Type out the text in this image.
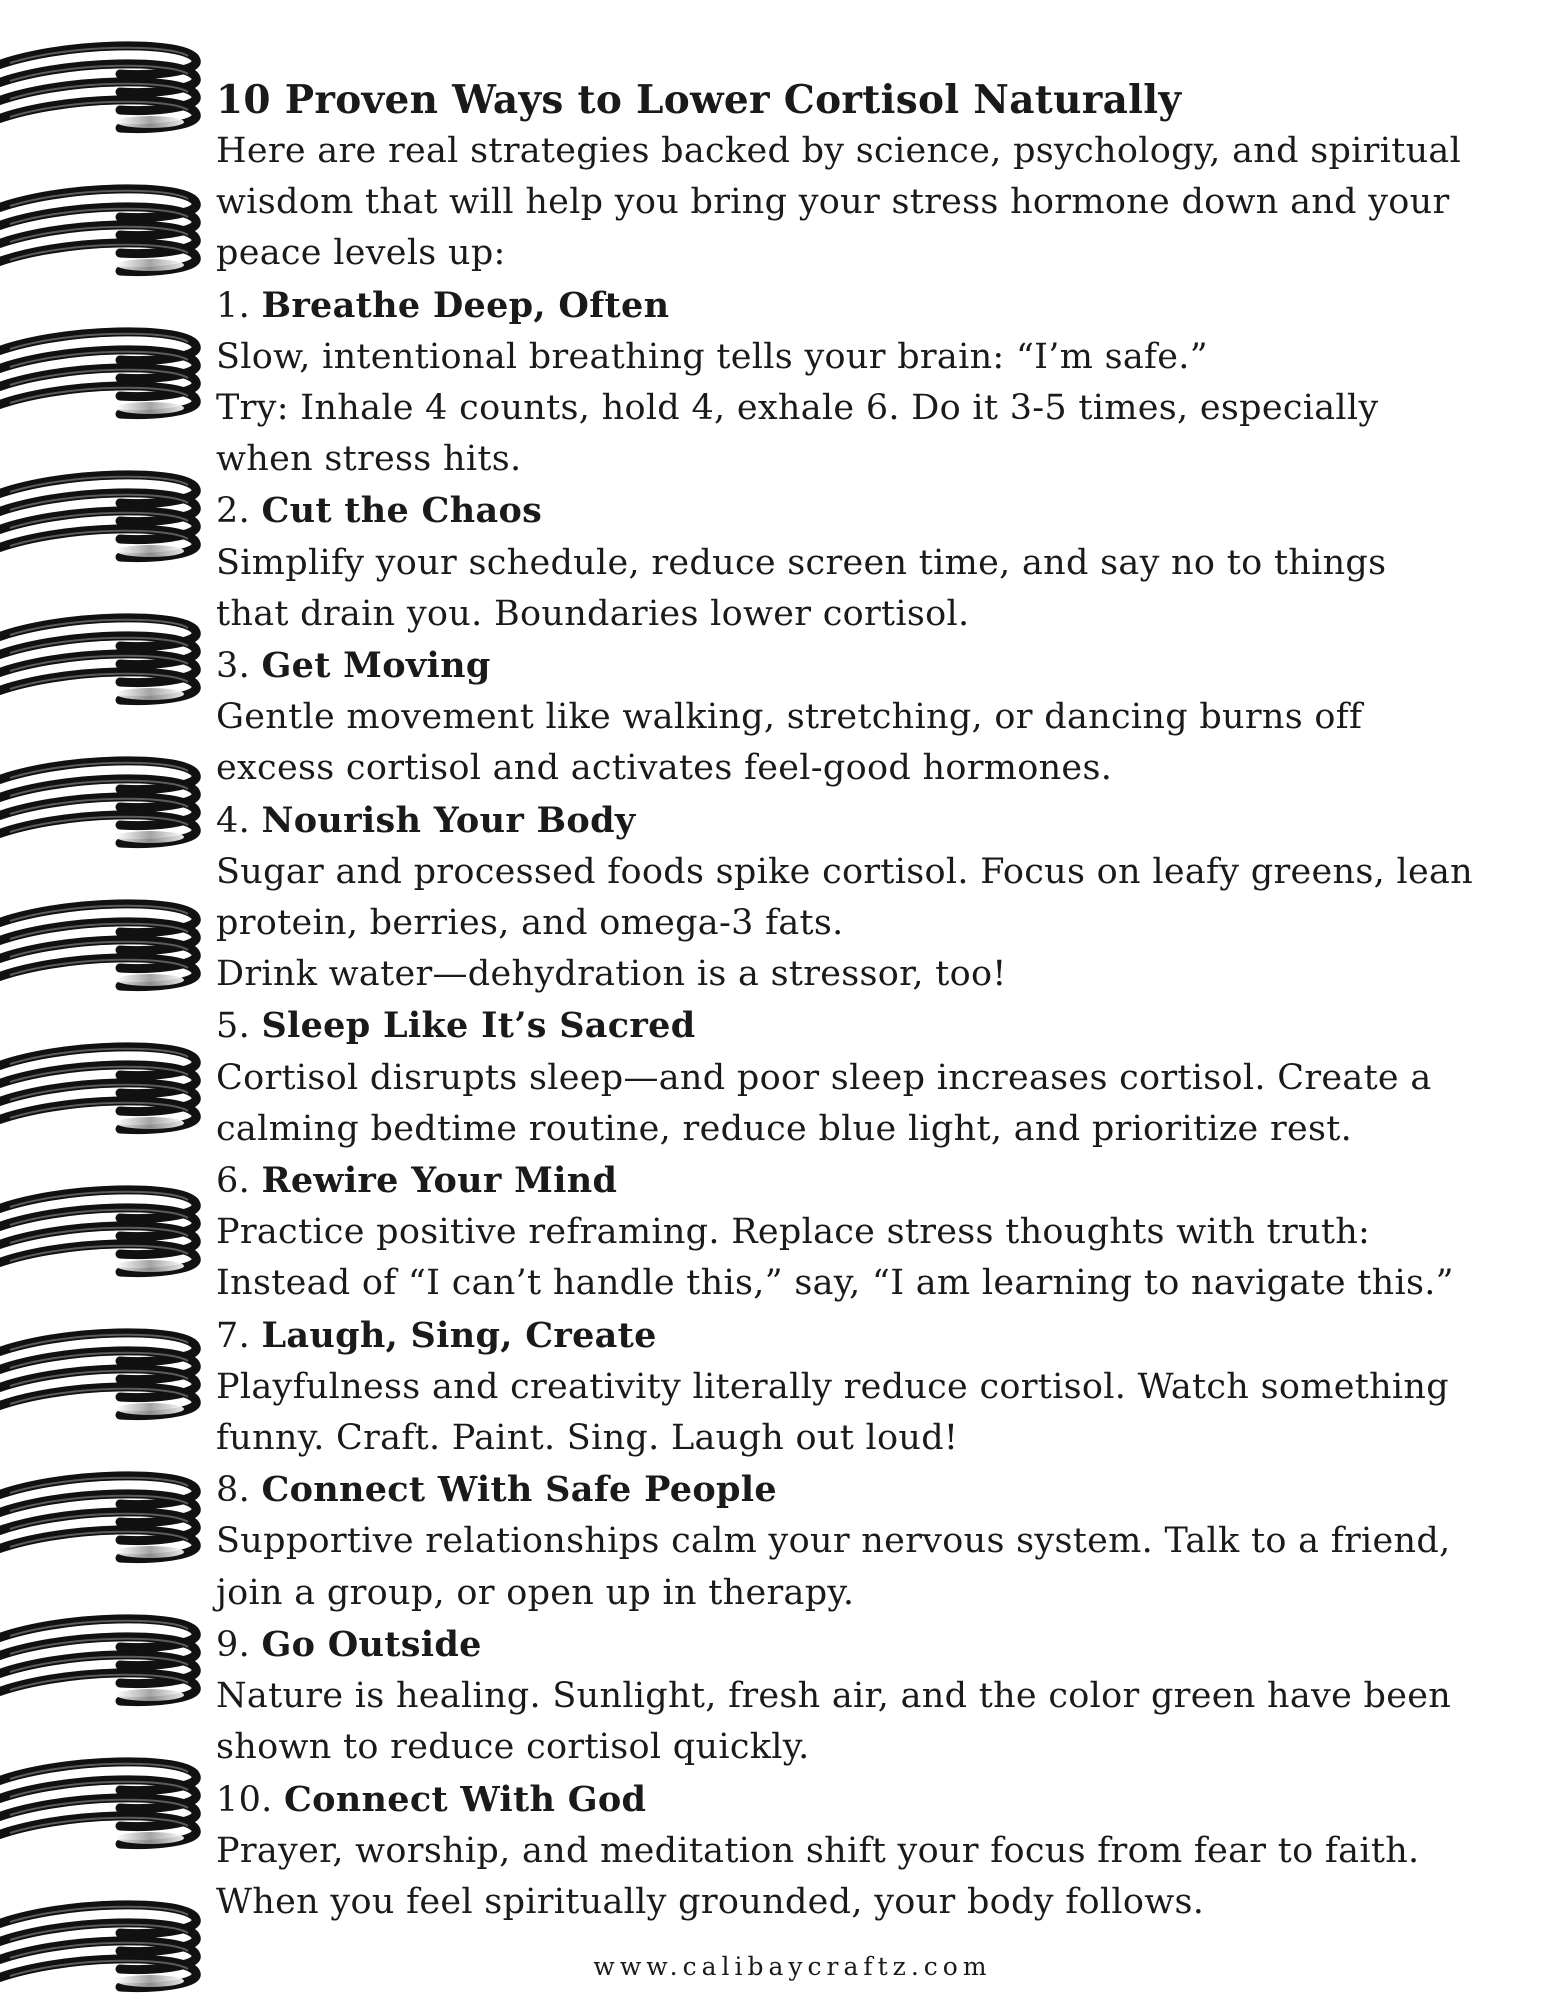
10 Proven Ways to Lower Cortisol Naturally

Here are real strategies backed by science, psychology, and spiritual

wisdom that will help you bring your stress hormone down and your

peace levels up:

1. Breathe Deep, Often

Slow, intentional breathing tells your brain: “I’m safe.”

Try: Inhale 4 counts, hold 4, exhale 6. Do it 3-5 times, especially

when stress hits.

2. Cut the Chaos

Simplify your schedule, reduce screen time, and say no to things

that drain you. Boundaries lower cortisol.

3. Get Moving

Gentle movement like walking, stretching, or dancing burns off

excess cortisol and activates feel-good hormones.

4. Nourish Your Body

Sugar and processed foods spike cortisol. Focus on leafy greens, lean

protein, berries, and omega-3 fats.

Drink water—dehydration is a stressor, too!

5. Sleep Like It’s Sacred

Cortisol disrupts sleep—and poor sleep increases cortisol. Create a

calming bedtime routine, reduce blue light, and prioritize rest.

6. Rewire Your Mind

Practice positive reframing. Replace stress thoughts with truth:

Instead of “I can’t handle this,” say, “I am learning to navigate this.”

7. Laugh, Sing, Create

Playfulness and creativity literally reduce cortisol. Watch something

funny. Craft. Paint. Sing. Laugh out loud!

8. Connect With Safe People

Supportive relationships calm your nervous system. Talk to a friend,

join a group, or open up in therapy.

9. Go Outside

Nature is healing. Sunlight, fresh air, and the color green have been

shown to reduce cortisol quickly.

10. Connect With God

Prayer, worship, and meditation shift your focus from fear to faith.

When you feel spiritually grounded, your body follows.

www.calibaycraftz.com
